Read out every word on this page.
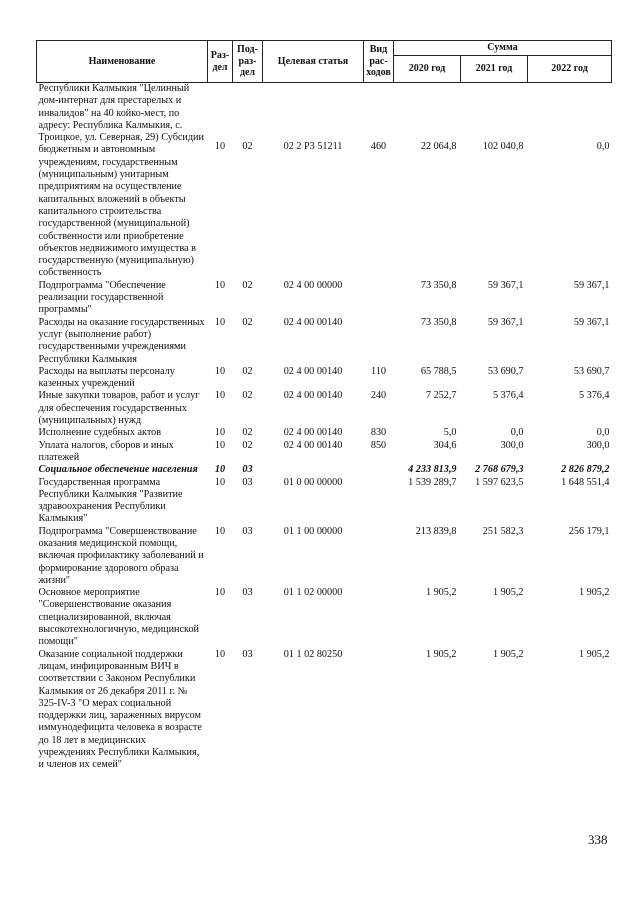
Наименование	Раз-дел	Под-раз-дел	Целевая статья	Вид рас-ходов	Сумма		
					2020 год	2021 год	2022 год
Республики Калмыкия "Целинный дом-интернат для престарелых и инвалидов" на 40 койко-мест, по адресу: Республика Калмыкия, с. Троицкое, ул. Северная, 29) Субсидии бюджетным и автономным учреждениям, государственным (муниципальным) унитарным предприятиям на осуществление капитальных вложений в объекты капитального строительства государственной (муниципальной) собственности или приобретение объектов недвижимого имущества в государственную (муниципальную) собственность	10	02	02 2 Р3 51211	460	22 064,8	102 040,8	0,0
Подпрограмма "Обеспечение реализации государственной программы"	10	02	02 4 00 00000		73 350,8	59 367,1	59 367,1
Расходы на оказание государственных услуг (выполнение работ) государственными учреждениями Республики Калмыкия	10	02	02 4 00 00140		73 350,8	59 367,1	59 367,1
Расходы на выплаты персоналу казенных учреждений	10	02	02 4 00 00140	110	65 788,5	53 690,7	53 690,7
Иные закупки товаров, работ и услуг для обеспечения государственных (муниципальных) нужд	10	02	02 4 00 00140	240	7 252,7	5 376,4	5 376,4
Исполнение судебных актов	10	02	02 4 00 00140	830	5,0	0,0	0,0
Уплата налогов, сборов и иных платежей	10	02	02 4 00 00140	850	304,6	300,0	300,0
Социальное обеспечение населения	10	03			4 233 813,9	2 768 679,3	2 826 879,2
Государственная программа Республики Калмыкия "Развитие здравоохранения Республики Калмыкия"	10	03	01 0 00 00000		1 539 289,7	1 597 623,5	1 648 551,4
Подпрограмма "Совершенствование оказания медицинской помощи, включая профилактику заболеваний и формирование здорового образа жизни"	10	03	01 1 00 00000		213 839,8	251 582,3	256 179,1
Основное мероприятие "Совершенствование оказания специализированной, включая высокотехнологичную, медицинской помощи"	10	03	01 1 02 00000		1 905,2	1 905,2	1 905,2
Оказание социальной поддержки лицам, инфицированным ВИЧ в соответствии с Законом Республики Калмыкия от 26 декабря 2011 г. № 325-IV-З "О мерах социальной поддержки лиц, зараженных вирусом иммунодефицита человека в возрасте до 18 лет в медицинских учреждениях Республики Калмыкия, и членов их семей"	10	03	01 1 02 80250		1 905,2	1 905,2	1 905,2
338
